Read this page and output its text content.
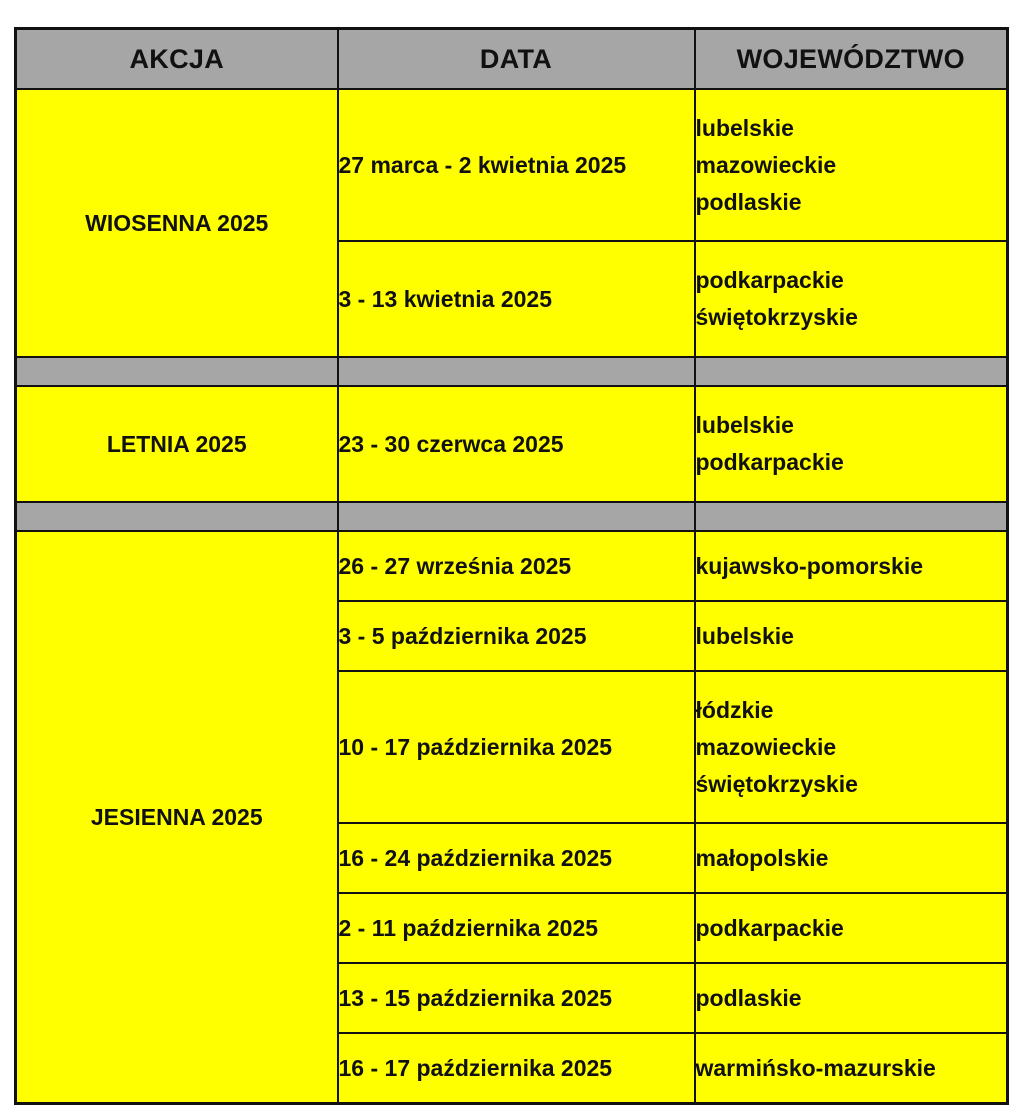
AKCJA	DATA	WOJEWÓDZTWO
WIOSENNA 2025	27 marca - 2 kwietnia 2025	lubelskie
mazowieckie
podlaskie

	3 - 13 kwietnia 2025	podkarpackie
świętokrzyskie

LETNIA 2025	23 - 30 czerwca 2025	lubelskie
podkarpackie

JESIENNA 2025	26 - 27 września 2025	kujawsko-pomorskie

	3 - 5 października 2025	lubelskie

	10 - 17 października 2025	łódzkie
mazowieckie
świętokrzyskie

	16 - 24 października 2025	małopolskie

	2 - 11 października 2025	podkarpackie

	13 - 15 października 2025	podlaskie

	16 - 17 października 2025	warmińsko-mazurskie
